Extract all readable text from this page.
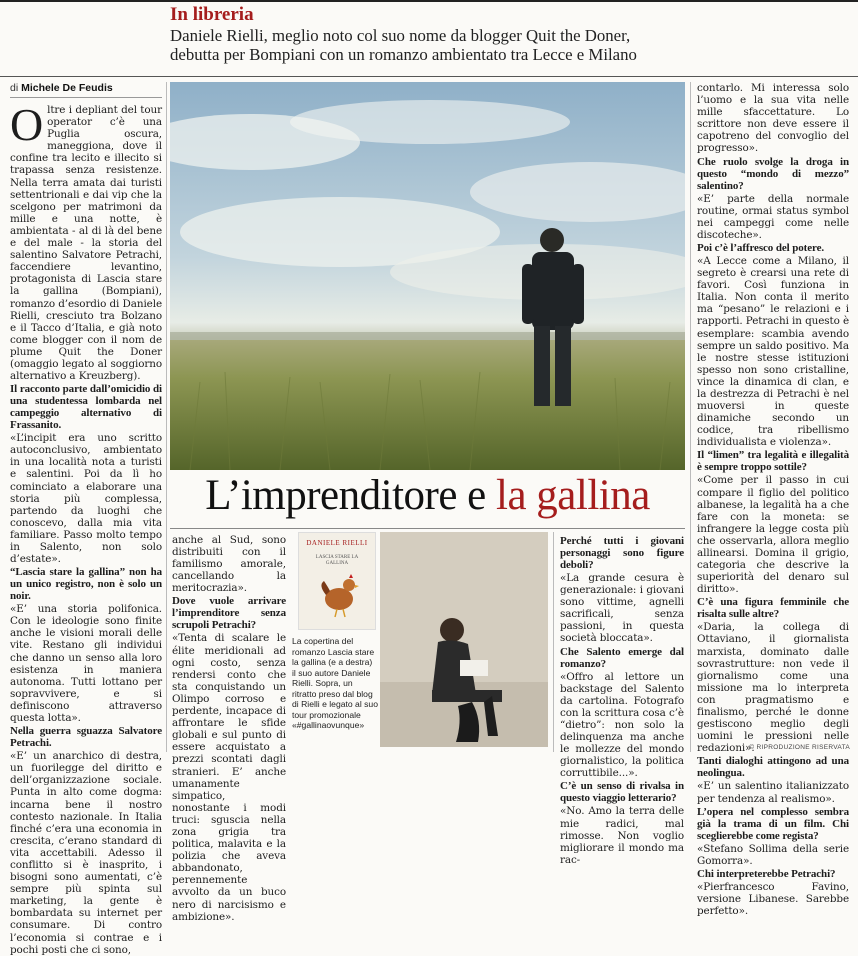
In libreria
Daniele Rielli, meglio noto col suo nome da blogger Quit the Doner, debutta per Bompiani con un romanzo ambientato tra Lecce e Milano
di Michele De Feudis

Oltre i depliant del tour operator c’è una Puglia oscura, maneggiona, dove il confine tra lecito e illecito si trapassa senza resistenze. Nella terra amata dai turisti settentrionali e dai vip che la scelgono per matrimoni da mille e una notte, è ambientata - al di là del bene e del male - la storia del salentino Salvatore Petrachi, faccendiere levantino, protagonista di Lascia stare la gallina (Bompiani), romanzo d’esordio di Daniele Rielli, cresciuto tra Bolzano e il Tacco d’Italia, e già noto come blogger con il nom de plume Quit the Doner (omaggio legato al soggiorno alternativo a Kreuzberg).

Il racconto parte dall’omicidio di una studentessa lombarda nel campeggio alternativo di Frassanito.

«L’incipit era uno scritto autoconclusivo, ambientato in una località nota a turisti e salentini. Poi da lì ho cominciato a elaborare una storia più complessa, partendo da luoghi che conoscevo, dalla mia vita familiare. Passo molto tempo in Salento, non solo d’estate».

“Lascia stare la gallina” non ha un unico registro, non è solo un noir.

«E’ una storia polifonica. Con le ideologie sono finite anche le visioni morali delle vite. Restano gli individui che danno un senso alla loro esistenza in maniera autonoma. Tutti lottano per sopravvivere, e si definiscono attraverso questa lotta».

Nella guerra sguazza Salvatore Petrachi.

«E’ un anarchico di destra, un fuorilegge del diritto e dell’organizzazione sociale. Punta in alto come dogma: incarna bene il nostro contesto nazionale. In Italia finché c’era una economia in crescita, c’erano standard di vita accettabili. Adesso il conflitto si è inasprito, i bisogni sono aumentati, c’è sempre più spinta sul marketing, la gente è bombardata su internet per consumare. Di contro l’economia si contrae e i pochi posti che ci sono,

L’imprenditore e la gallina

anche al Sud, sono distribuiti con il familismo amorale, cancellando la meritocrazia».

Dove vuole arrivare l’imprenditore senza scrupoli Petrachi?

«Tenta di scalare le élite meridionali ad ogni costo, senza rendersi conto che sta conquistando un Olimpo corroso e perdente, incapace di affrontare le sfide globali e sul punto di essere acquistato a prezzi scontati dagli stranieri. E’ anche umanamente simpatico, nonostante i modi truci: sguscia nella zona grigia tra politica, malavita e la polizia che aveva abbandonato, perennemente avvolto da un buco nero di narcisismo e ambizione».

DANIELE RIELLI
LASCIA STARE LA GALLINA
La copertina del romanzo Lascia stare la gallina (e a destra) il suo autore Daniele Rielli. Sopra, un ritratto preso dal blog di Rielli e legato al suo tour promozionale «#gallinaovunque»

Perché tutti i giovani personaggi sono figure deboli?

«La grande cesura è generazionale: i giovani sono vittime, agnelli sacrificali, senza passioni, in questa società bloccata».

Che Salento emerge dal romanzo?

«Offro al lettore un backstage del Salento da cartolina. Fotografo con la scrittura cosa c’è “dietro”: non solo la delinquenza ma anche le mollezze del mondo giornalistico, la politica corruttibile...».

C’è un senso di rivalsa in questo viaggio letterario?

«No. Amo la terra delle mie radici, mal rimosse. Non voglio migliorare il mondo ma rac-

contarlo. Mi interessa solo l’uomo e la sua vita nelle mille sfaccettature. Lo scrittore non deve essere il capotreno del convoglio del progresso».

Che ruolo svolge la droga in questo “mondo di mezzo” salentino?

«E’ parte della normale routine, ormai status symbol nei campeggi come nelle discoteche».

Poi c’è l’affresco del potere.

«A Lecce come a Milano, il segreto è crearsi una rete di favori. Così funziona in Italia. Non conta il merito ma “pesano” le relazioni e i rapporti. Petrachi in questo è esemplare: scambia avendo sempre un saldo positivo. Ma le nostre stesse istituzioni spesso non sono cristalline, vince la dinamica di clan, e la destrezza di Petrachi è nel muoversi in queste dinamiche secondo un codice, tra ribellismo individualista e violenza».

Il “limen” tra legalità e illegalità è sempre troppo sottile?

«Come per il passo in cui compare il figlio del politico albanese, la legalità ha a che fare con la moneta: se infrangere la legge costa più che osservarla, allora meglio allinearsi. Domina il grigio, categoria che descrive la superiorità del denaro sul diritto».

C’è una figura femminile che risalta sulle altre?

«Daria, la collega di Ottaviano, il giornalista marxista, dominato dalle sovrastrutture: non vede il giornalismo come una missione ma lo interpreta con pragmatismo e finalismo, perché le donne gestiscono meglio degli uomini le pressioni nelle redazioni».

Tanti dialoghi attingono ad una neolingua.

«E’ un salentino italianizzato per tendenza al realismo».

L’opera nel complesso sembra già la trama di un film. Chi sceglierebbe come regista?

«Stefano Sollima della serie Gomorra».

Chi interpreterebbe Petrachi?

«Pierfrancesco Favino, versione Libanese. Sarebbe perfetto».

© RIPRODUZIONE RISERVATA
